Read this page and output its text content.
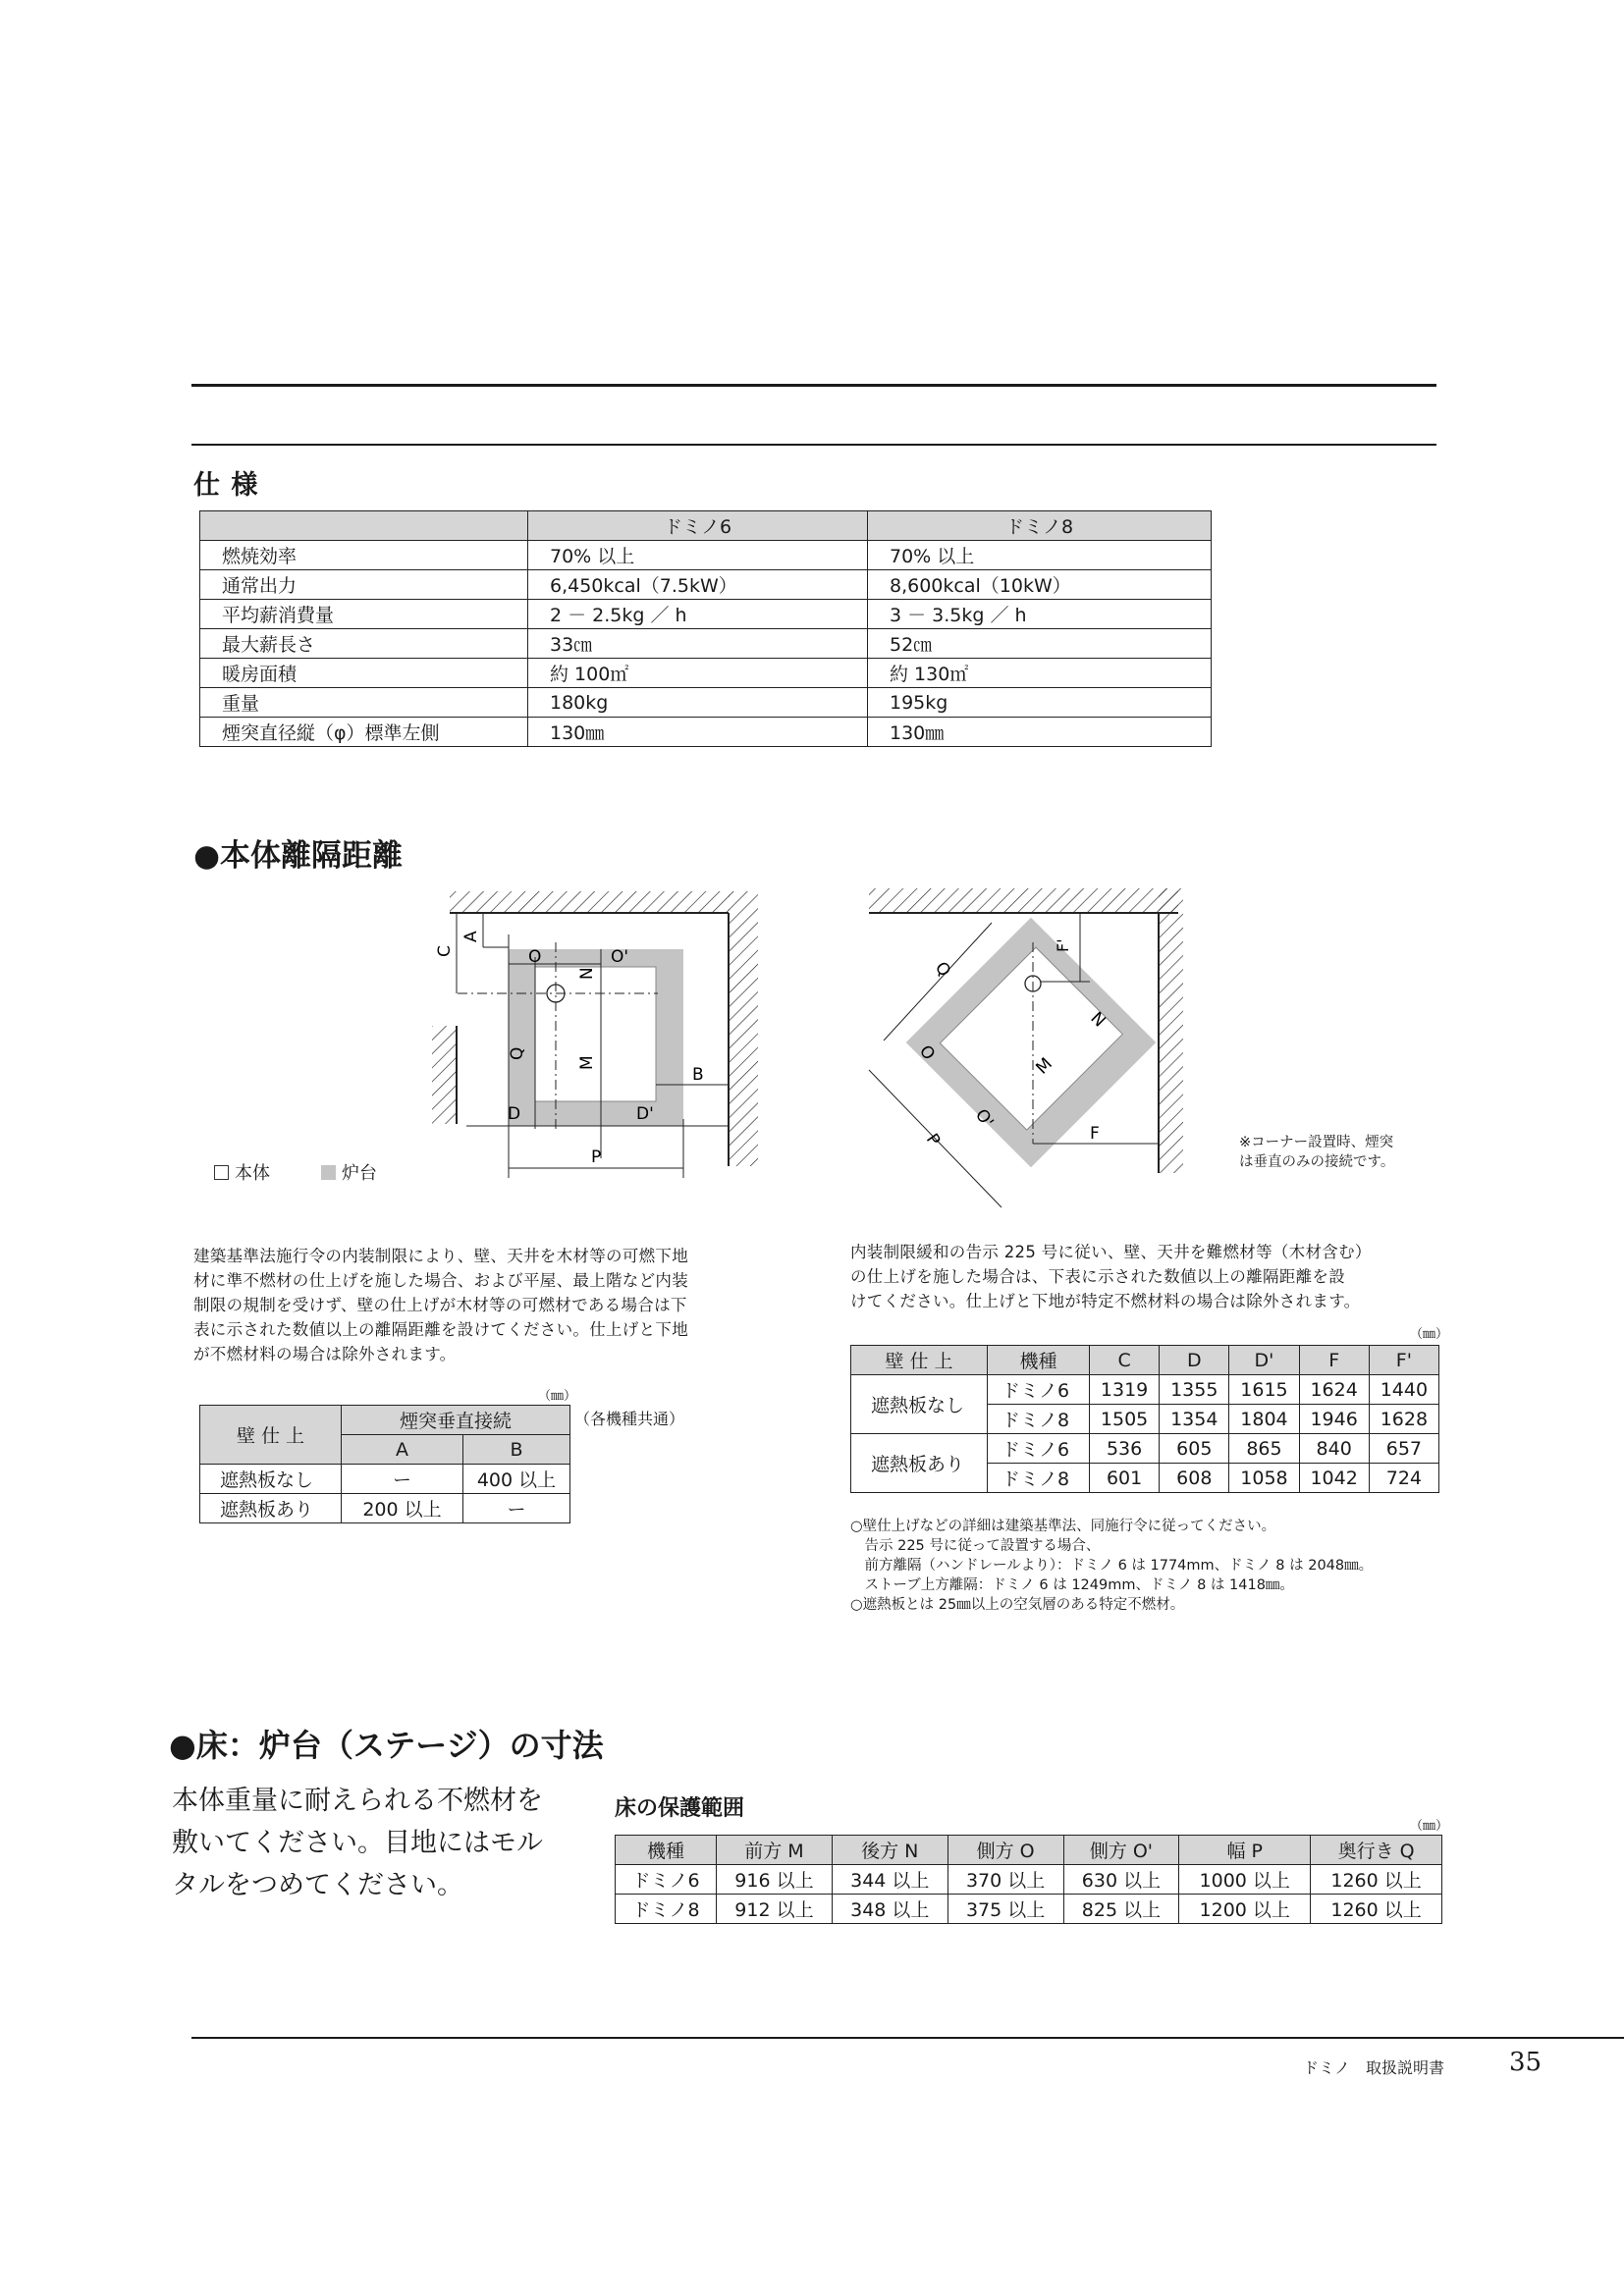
仕 様
	ドミノ6	ドミノ8
燃焼効率	70% 以上	70% 以上
通常出力	6,450kcal（7.5kW）	8,600kcal（10kW）
平均薪消費量	2 － 2.5kg ／ h	3 － 3.5kg ／ h
最大薪長さ	33㎝	52㎝
暖房面積	約 100㎡	約 130㎡
重量	180kg	195kg
煙突直径縦（φ）標準左側	130㎜	130㎜
●本体離隔距離
C
A
O	O'
N
Q
M
B
D	D'
P
Q
F'
N
O
M
O'
F
P
本体	炉台

※コーナー設置時、煙突
は垂直のみの接続です。

建築基準法施行令の内装制限により、壁、天井を木材等の可燃下地
材に準不燃材の仕上げを施した場合、および平屋、最上階など内装
制限の規制を受けず、壁の仕上げが木材等の可燃材である場合は下
表に示された数値以上の離隔距離を設けてください。仕上げと下地
が不燃材料の場合は除外されます。

内装制限緩和の告示 225 号に従い、壁、天井を難燃材等（木材含む）
の仕上げを施した場合は、下表に示された数値以上の離隔距離を設
けてください。仕上げと下地が特定不燃材料の場合は除外されます。

（㎜）
（各機種共通）
壁 仕 上	煙突垂直接続	
	A	B
遮熱板なし	ー	400 以上
遮熱板あり	200 以上	ー
（㎜）
壁 仕 上	機種	C	D	D'	F	F'
遮熱板なし	ドミノ6	1319	1355	1615	1624	1440
	ドミノ8	1505	1354	1804	1946	1628
遮熱板あり	ドミノ6	536	605	865	840	657
	ドミノ8	601	608	1058	1042	724
○壁仕上げなどの詳細は建築基準法、同施行令に従ってください。
　告示 225 号に従って設置する場合、
　前方離隔（ハンドレールより）：ドミノ 6 は 1774mm、ドミノ 8 は 2048㎜。
　ストーブ上方離隔：ドミノ 6 は 1249mm、ドミノ 8 は 1418㎜。
○遮熱板とは 25㎜以上の空気層のある特定不燃材。
●床：炉台（ステージ）の寸法
本体重量に耐えられる不燃材を
敷いてください。目地にはモル
タルをつめてください。
床の保護範囲
（㎜）
機種	前方 M	後方 N	側方 O	側方 O'	幅 P	奥行き Q
ドミノ6	916 以上	344 以上	370 以上	630 以上	1000 以上	1260 以上
ドミノ8	912 以上	348 以上	375 以上	825 以上	1200 以上	1260 以上
ドミノ　取扱説明書	35
